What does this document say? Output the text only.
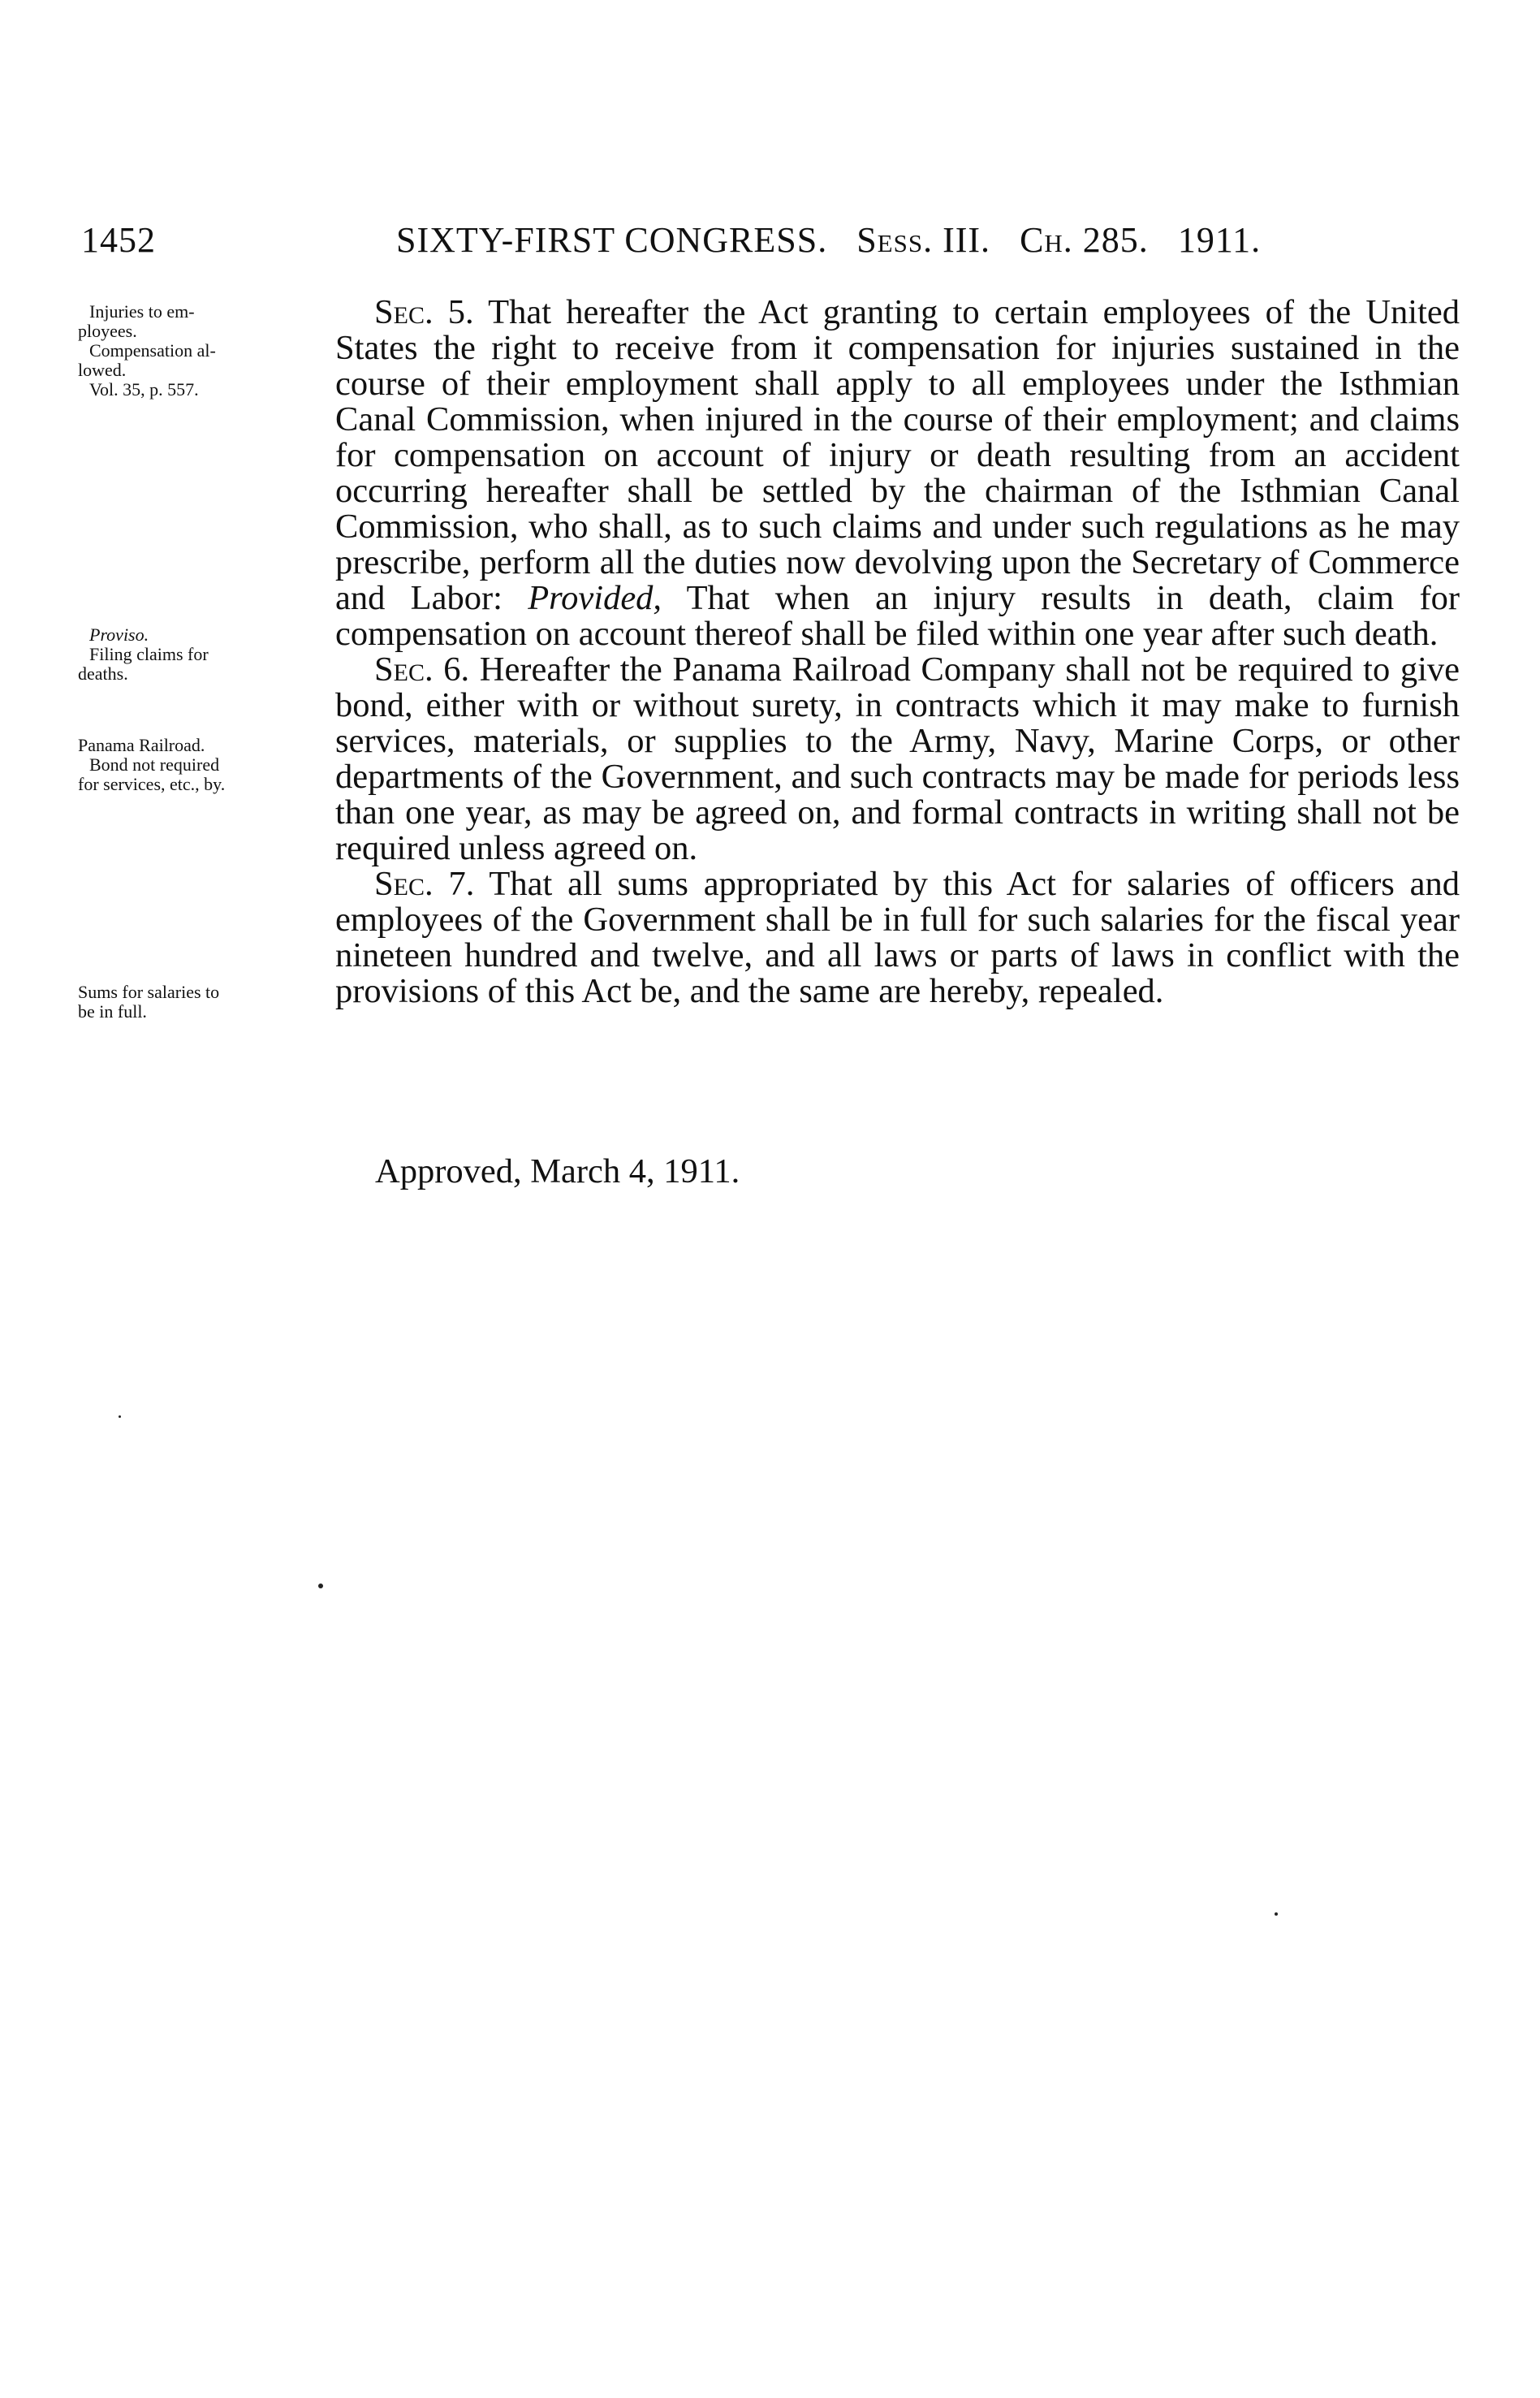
1452	SIXTY-FIRST CONGRESS. Sess. III. Ch. 285. 1911.
Injuries to em-
ployees.
Compensation al-
lowed.
Vol. 35, p. 557.
Proviso.
Filing claims for
deaths.
Panama Railroad.
Bond not required
for services, etc., by.
Sums for salaries to
be in full.

Sec. 5. That hereafter the Act granting to certain employees of the United States the right to receive from it compensation for injuries sustained in the course of their employment shall apply to all employees under the Isthmian Canal Commission, when injured in the course of their employment; and claims for compensation on account of injury or death resulting from an accident occurring hereafter shall be settled by the chairman of the Isthmian Canal Commission, who shall, as to such claims and under such regulations as he may prescribe, perform all the duties now devolving upon the Secretary of Commerce and Labor: Provided, That when an injury results in death, claim for compensation on account thereof shall be filed within one year after such death.

Sec. 6. Hereafter the Panama Railroad Company shall not be required to give bond, either with or without surety, in contracts which it may make to furnish services, materials, or supplies to the Army, Navy, Marine Corps, or other departments of the Government, and such contracts may be made for periods less than one year, as may be agreed on, and formal contracts in writing shall not be required unless agreed on.

Sec. 7. That all sums appropriated by this Act for salaries of officers and employees of the Government shall be in full for such salaries for the fiscal year nineteen hundred and twelve, and all laws or parts of laws in conflict with the provisions of this Act be, and the same are hereby, repealed.

Approved, March 4, 1911.
